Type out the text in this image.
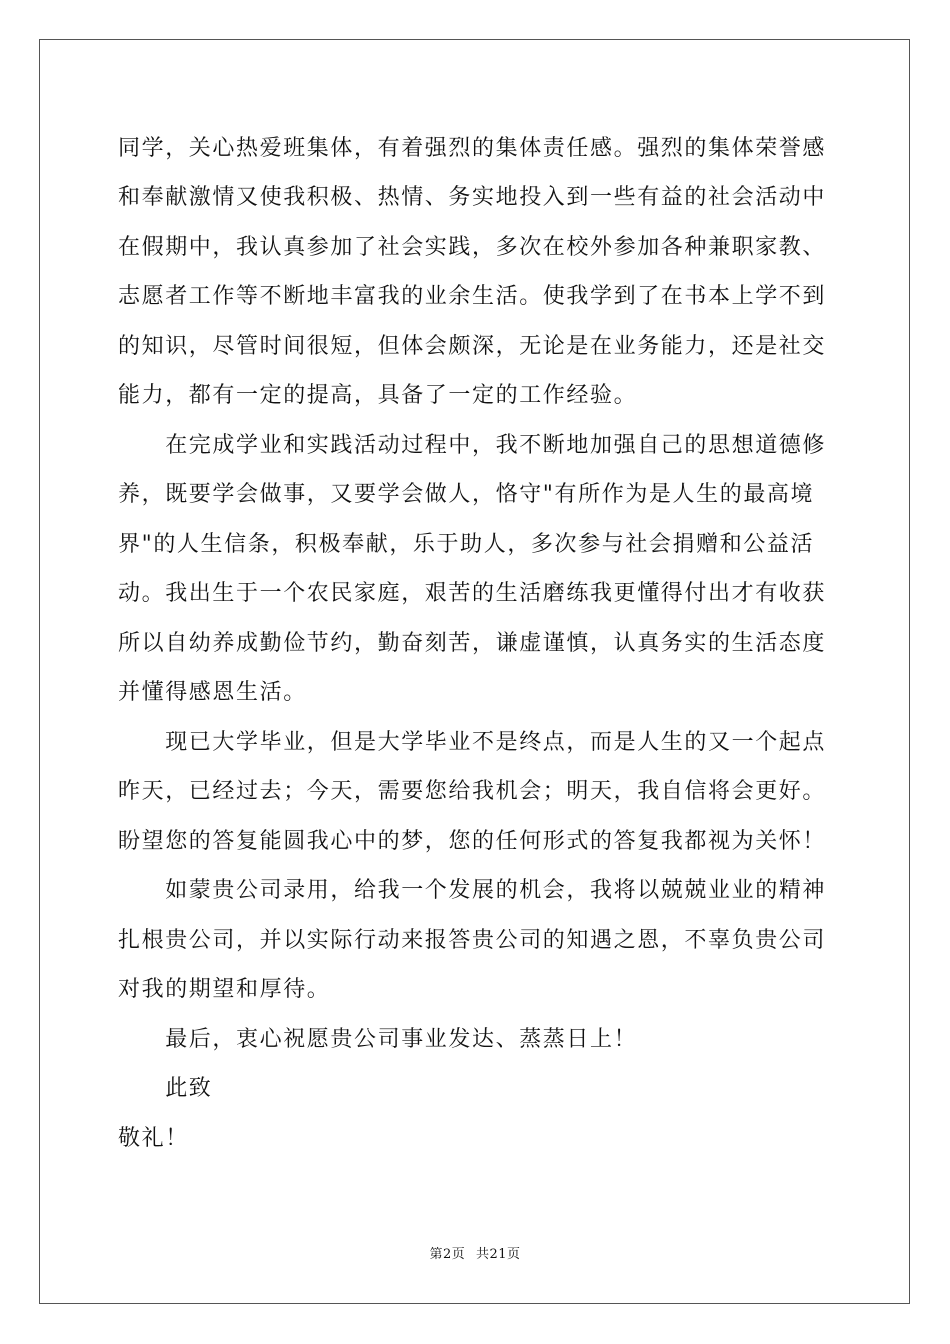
同学，关心热爱班集体，有着强烈的集体责任感。强烈的集体荣誉感
和奉献激情又使我积极、热情、务实地投入到一些有益的社会活动中
在假期中，我认真参加了社会实践，多次在校外参加各种兼职家教、
志愿者工作等不断地丰富我的业余生活。使我学到了在书本上学不到
的知识，尽管时间很短，但体会颇深，无论是在业务能力，还是社交
能力，都有一定的提高，具备了一定的工作经验。
　　在完成学业和实践活动过程中，我不断地加强自己的思想道德修
养，既要学会做事，又要学会做人，恪守"有所作为是人生的最高境
界"的人生信条，积极奉献，乐于助人，多次参与社会捐赠和公益活
动。我出生于一个农民家庭，艰苦的生活磨练我更懂得付出才有收获
所以自幼养成勤俭节约，勤奋刻苦，谦虚谨慎，认真务实的生活态度
并懂得感恩生活。
　　现已大学毕业，但是大学毕业不是终点，而是人生的又一个起点
昨天，已经过去；今天，需要您给我机会；明天，我自信将会更好。
盼望您的答复能圆我心中的梦，您的任何形式的答复我都视为关怀！
　　如蒙贵公司录用，给我一个发展的机会，我将以兢兢业业的精神
扎根贵公司，并以实际行动来报答贵公司的知遇之恩，不辜负贵公司
对我的期望和厚待。
　　最后，衷心祝愿贵公司事业发达、蒸蒸日上！
　　此致
敬礼！
第2页 共21页
